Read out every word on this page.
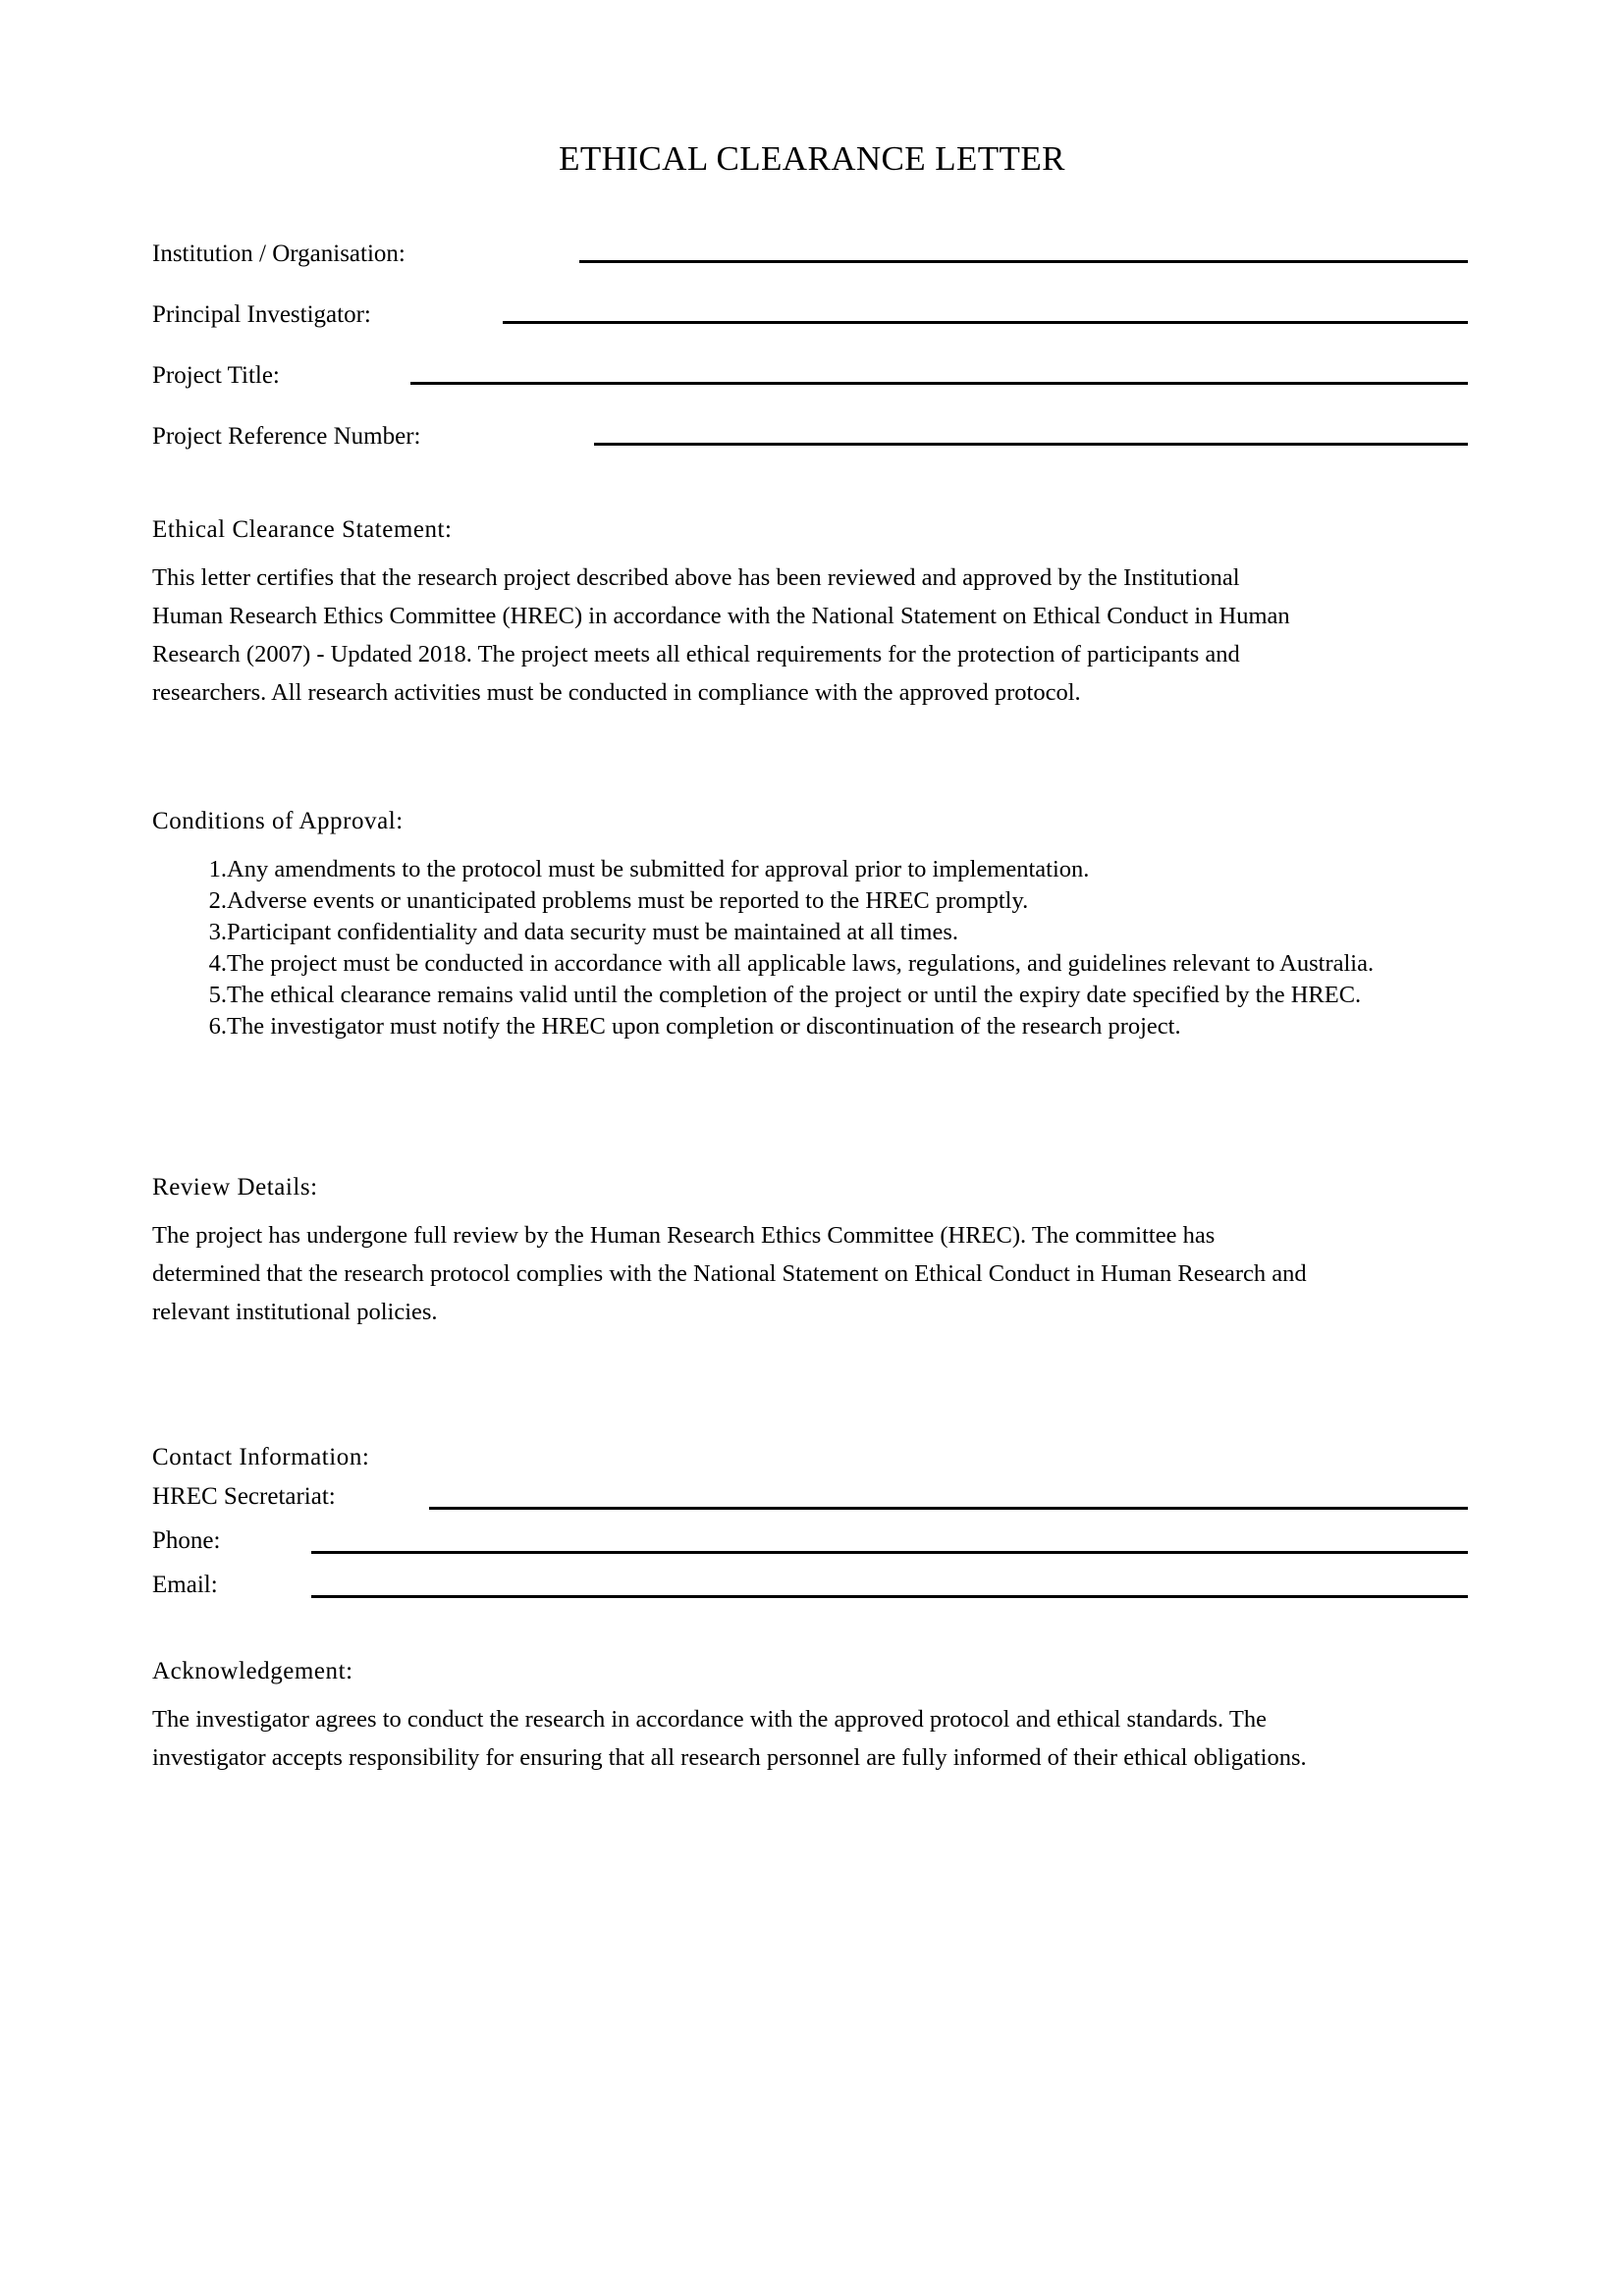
ETHICAL CLEARANCE LETTER
Institution / Organisation:
Principal Investigator:
Project Title:
Project Reference Number:
Ethical Clearance Statement:
This letter certifies that the research project described above has been reviewed and approved by the Institutional
Human Research Ethics Committee (HREC) in accordance with the National Statement on Ethical Conduct in Human
Research (2007) - Updated 2018. The project meets all ethical requirements for the protection of participants and
researchers. All research activities must be conducted in compliance with the approved protocol.
Conditions of Approval:
1. Any amendments to the protocol must be submitted for approval prior to implementation.
2. Adverse events or unanticipated problems must be reported to the HREC promptly.
3. Participant confidentiality and data security must be maintained at all times.
4. The project must be conducted in accordance with all applicable laws, regulations, and guidelines relevant to Australia.
5. The ethical clearance remains valid until the completion of the project or until the expiry date specified by the HREC.
6. The investigator must notify the HREC upon completion or discontinuation of the research project.
Review Details:
The project has undergone full review by the Human Research Ethics Committee (HREC). The committee has
determined that the research protocol complies with the National Statement on Ethical Conduct in Human Research and
relevant institutional policies.
Contact Information:
HREC Secretariat:
Phone:
Email:
Acknowledgement:
The investigator agrees to conduct the research in accordance with the approved protocol and ethical standards. The
investigator accepts responsibility for ensuring that all research personnel are fully informed of their ethical obligations.
